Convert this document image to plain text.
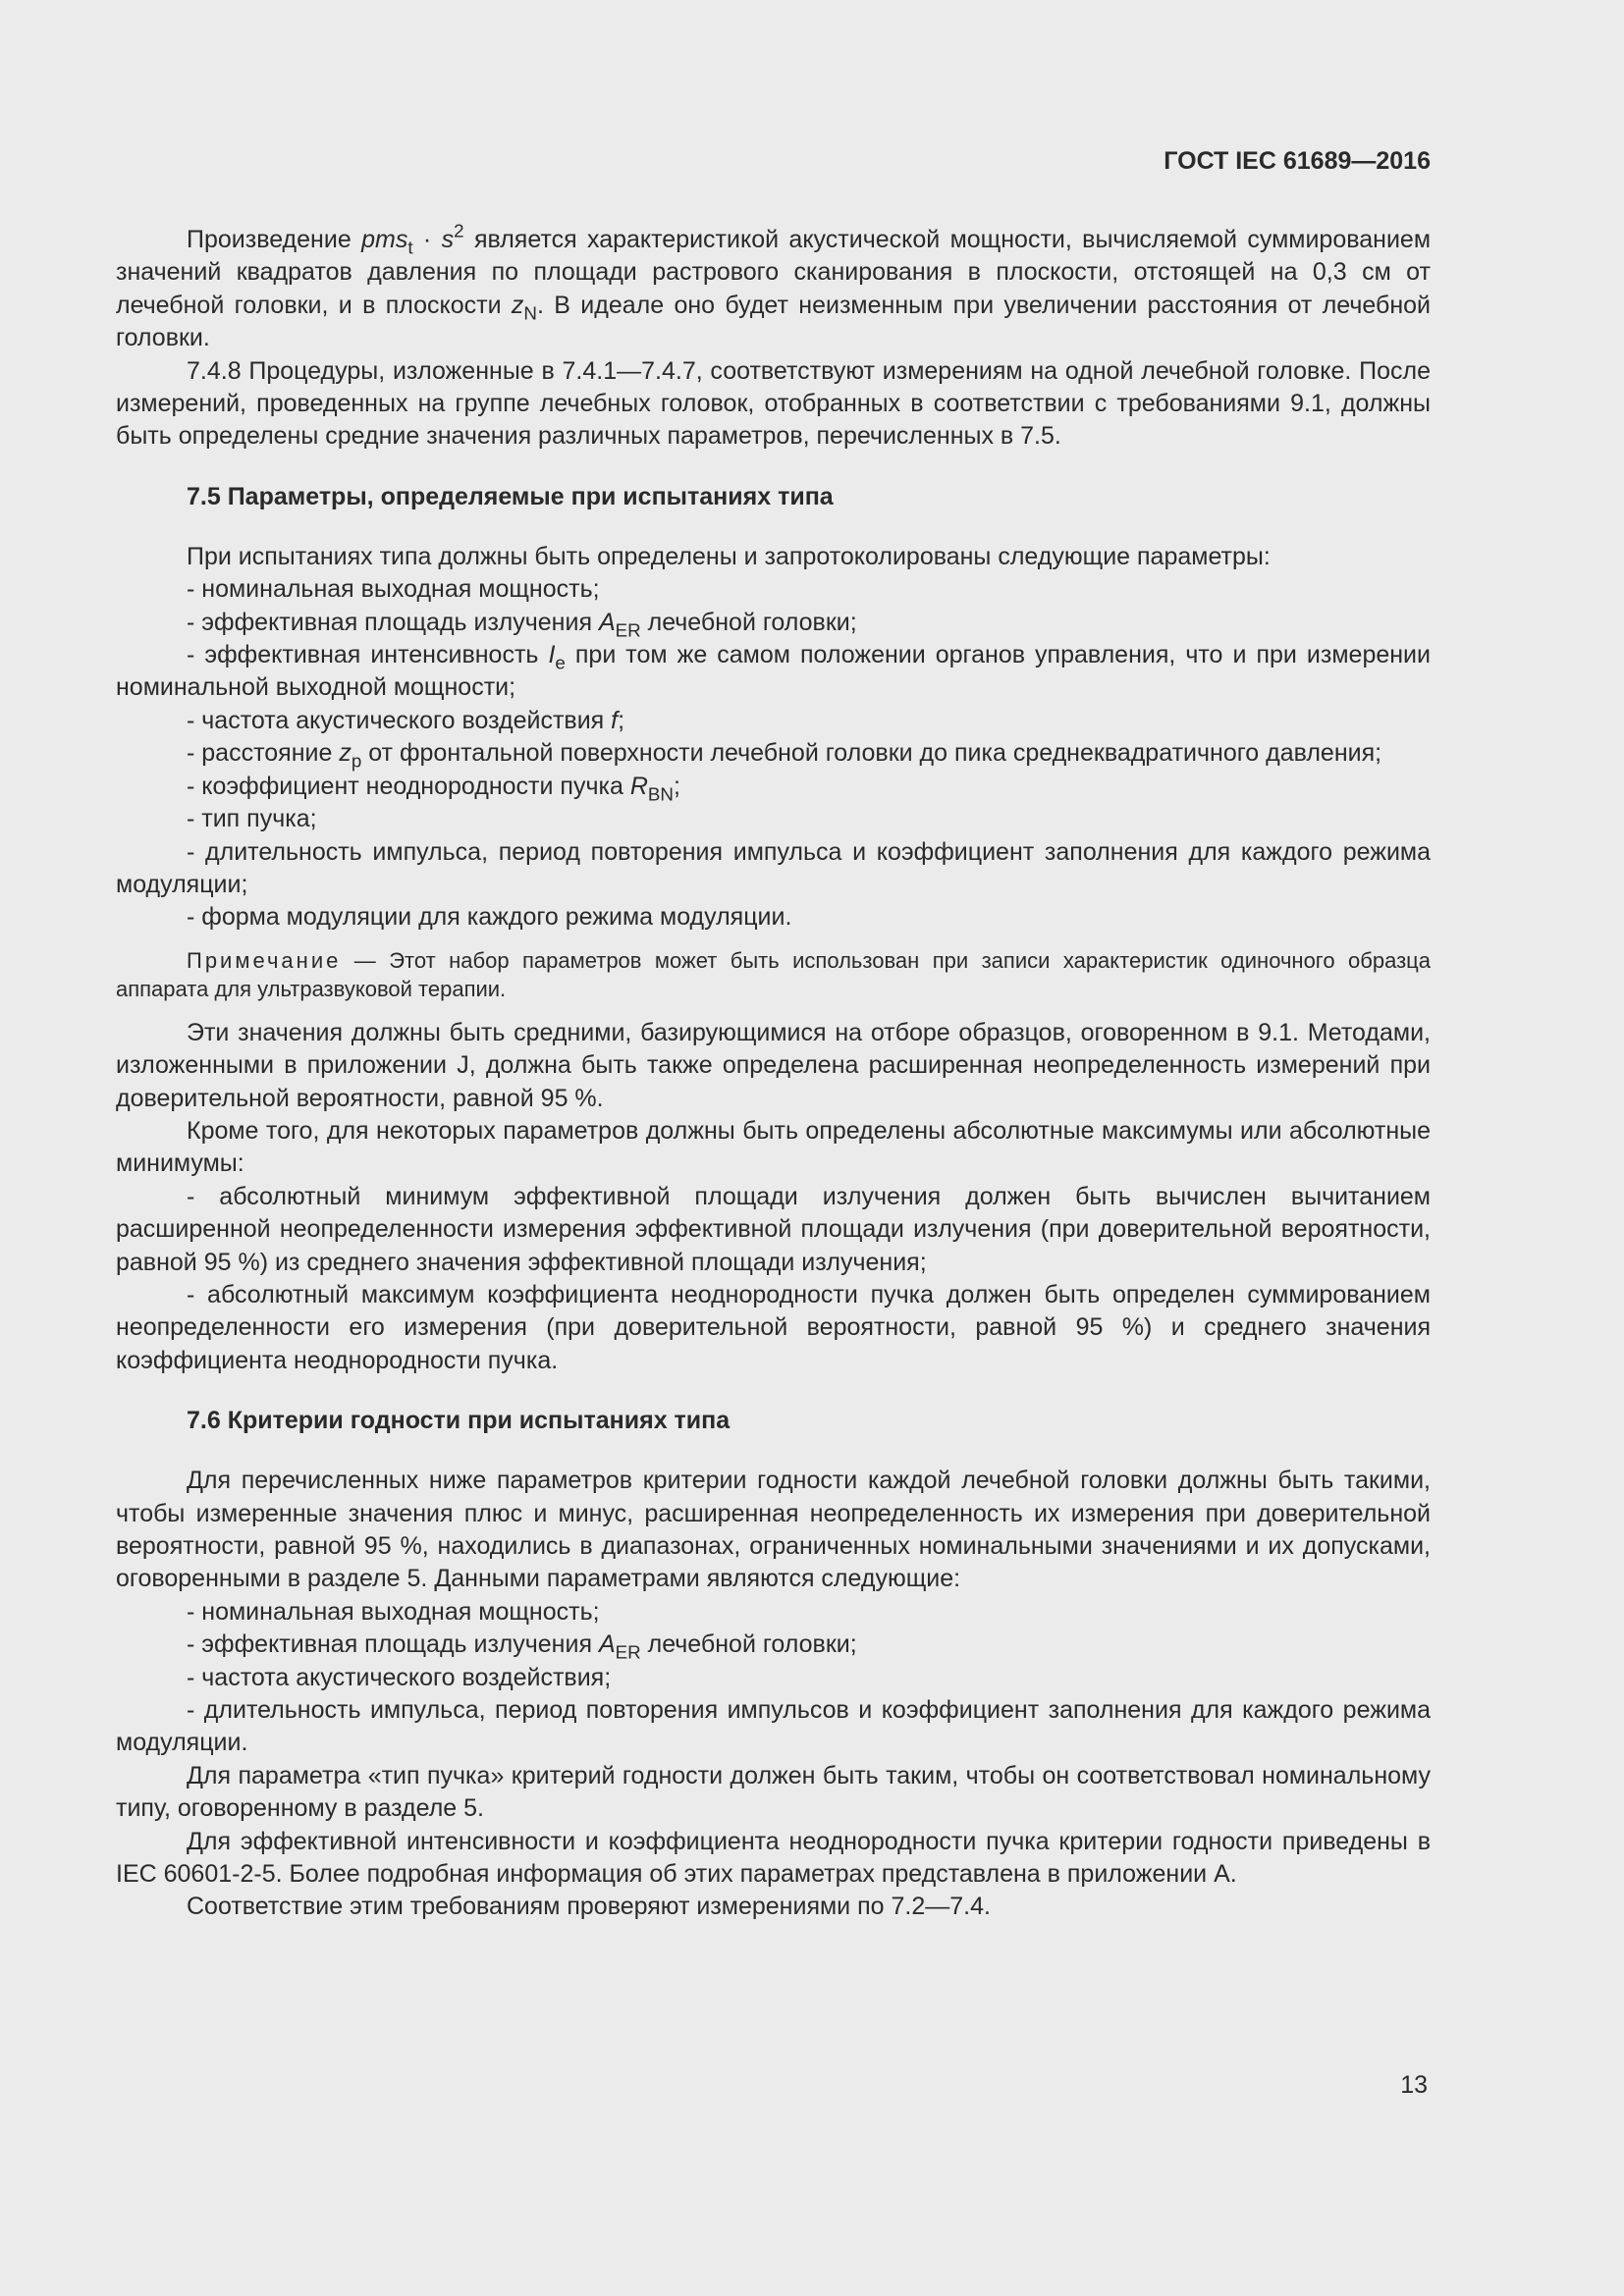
ГОСТ IEC 61689—2016

Произведение $pms_t \cdot s^2$ является характеристикой акустической мощности, вычисляемой суммированием значений квадратов давления по площади растрового сканирования в плоскости, отстоящей на 0,3 см от лечебной головки, и в плоскости $z_N$. В идеале оно будет неизменным при увеличении расстояния от лечебной головки.

7.4.8 Процедуры, изложенные в 7.4.1—7.4.7, соответствуют измерениям на одной лечебной головке. После измерений, проведенных на группе лечебных головок, отобранных в соответствии с требованиями 9.1, должны быть определены средние значения различных параметров, перечисленных в 7.5.

7.5 Параметры, определяемые при испытаниях типа

При испытаниях типа должны быть определены и запротоколированы следующие параметры:

- номинальная выходная мощность;

- эффективная площадь излучения $A_{ER}$ лечебной головки;

- эффективная интенсивность $I_e$ при том же самом положении органов управления, что и при измерении номинальной выходной мощности;

- частота акустического воздействия f;

- расстояние $z_p$ от фронтальной поверхности лечебной головки до пика среднеквадратичного давления;

- коэффициент неоднородности пучка $R_{BN}$;

- тип пучка;

- длительность импульса, период повторения импульса и коэффициент заполнения для каждого режима модуляции;

- форма модуляции для каждого режима модуляции.

Примечание — Этот набор параметров может быть использован при записи характеристик одиночного образца аппарата для ультразвуковой терапии.

Эти значения должны быть средними, базирующимися на отборе образцов, оговоренном в 9.1. Методами, изложенными в приложении J, должна быть также определена расширенная неопределенность измерений при доверительной вероятности, равной 95 %.

Кроме того, для некоторых параметров должны быть определены абсолютные максимумы или абсолютные минимумы:

- абсолютный минимум эффективной площади излучения должен быть вычислен вычитанием расширенной неопределенности измерения эффективной площади излучения (при доверительной вероятности, равной 95 %) из среднего значения эффективной площади излучения;

- абсолютный максимум коэффициента неоднородности пучка должен быть определен суммированием неопределенности его измерения (при доверительной вероятности, равной 95 %) и среднего значения коэффициента неоднородности пучка.

7.6 Критерии годности при испытаниях типа

Для перечисленных ниже параметров критерии годности каждой лечебной головки должны быть такими, чтобы измеренные значения плюс и минус, расширенная неопределенность их измерения при доверительной вероятности, равной 95 %, находились в диапазонах, ограниченных номинальными значениями и их допусками, оговоренными в разделе 5. Данными параметрами являются следующие:

- номинальная выходная мощность;

- эффективная площадь излучения $A_{ER}$ лечебной головки;

- частота акустического воздействия;

- длительность импульса, период повторения импульсов и коэффициент заполнения для каждого режима модуляции.

Для параметра «тип пучка» критерий годности должен быть таким, чтобы он соответствовал номинальному типу, оговоренному в разделе 5.

Для эффективной интенсивности и коэффициента неоднородности пучка критерии годности приведены в IEC 60601-2-5. Более подробная информация об этих параметрах представлена в приложении A.

Соответствие этим требованиям проверяют измерениями по 7.2—7.4.

13
